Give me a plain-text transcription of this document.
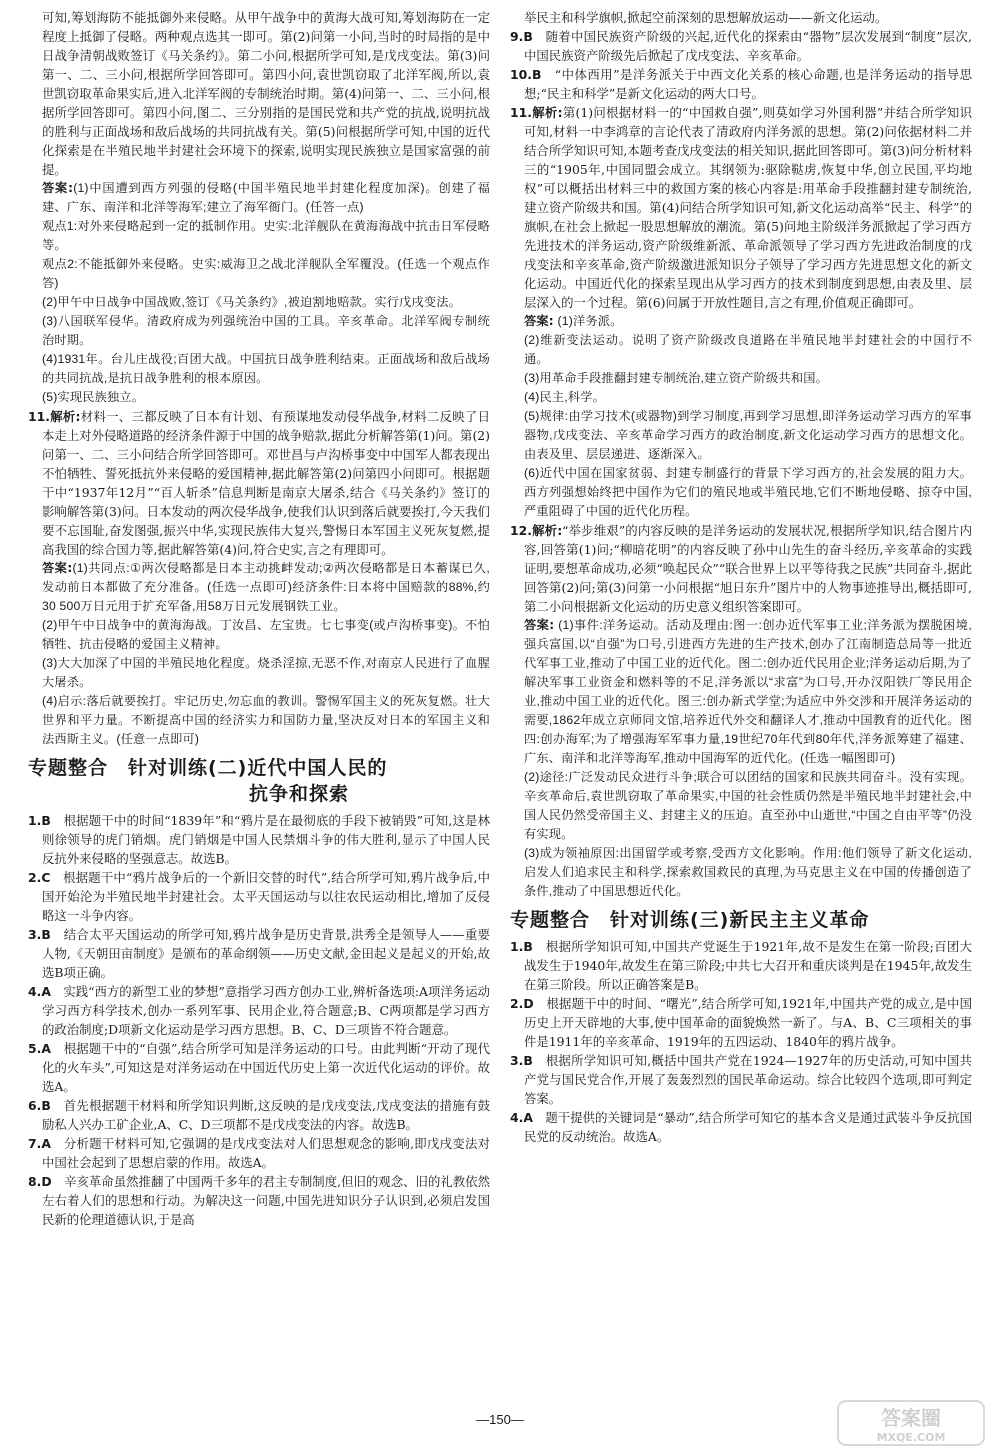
可知,筹划海防不能抵御外来侵略。从甲午战争中的黄海大战可知,筹划海防在一定程度上抵御了侵略。两种观点选其一即可。第(2)问第一小问,当时的时局指的是中日战争清朝战败签订《马关条约》。第二小问,根据所学可知,是戊戌变法。第(3)问第一、二、三小问,根据所学回答即可。第四小问,袁世凯窃取了北洋军阀,所以,袁世凯窃取革命果实后,进入北洋军阀的专制统治时期。第(4)问第一、二、三小问,根据所学回答即可。第四小问,图二、三分别指的是国民党和共产党的抗战,说明抗战的胜利与正面战场和敌后战场的共同抗战有关。第(5)问根据所学可知,中国的近代化探索是在半殖民地半封建社会环境下的探索,说明实现民族独立是国家富强的前提。

答案:(1)中国遭到西方列强的侵略(中国半殖民地半封建化程度加深)。创建了福建、广东、南洋和北洋等海军;建立了海军衙门。(任答一点)

观点1:对外来侵略起到一定的抵制作用。史实:北洋舰队在黄海海战中抗击日军侵略等。

观点2:不能抵御外来侵略。史实:威海卫之战北洋舰队全军覆没。(任选一个观点作答)

(2)甲午中日战争中国战败,签订《马关条约》,被迫割地赔款。实行戊戌变法。

(3)八国联军侵华。清政府成为列强统治中国的工具。辛亥革命。北洋军阀专制统治时期。

(4)1931年。台儿庄战役;百团大战。中国抗日战争胜利结束。正面战场和敌后战场的共同抗战,是抗日战争胜利的根本原因。

(5)实现民族独立。

11.解析:材料一、三都反映了日本有计划、有预谋地发动侵华战争,材料二反映了日本走上对外侵略道路的经济条件源于中国的战争赔款,据此分析解答第(1)问。第(2)问第一、二、三小问结合所学回答即可。邓世昌与卢沟桥事变中中国军人都表现出不怕牺牲、誓死抵抗外来侵略的爱国精神,据此解答第(2)问第四小问即可。根据题干中“1937年12月”“百人斩杀”信息判断是南京大屠杀,结合《马关条约》签订的影响解答第(3)问。日本发动的两次侵华战争,使我们认识到落后就要挨打,今天我们要不忘国耻,奋发图强,振兴中华,实现民族伟大复兴,警惕日本军国主义死灰复燃,提高我国的综合国力等,据此解答第(4)问,符合史实,言之有理即可。

答案:(1)共同点:①两次侵略都是日本主动挑衅发动;②两次侵略都是日本蓄谋已久,发动前日本都做了充分准备。(任选一点即可)经济条件:日本将中国赔款的88%,约30 500万日元用于扩充军备,用58万日元发展钢铁工业。

(2)甲午中日战争中的黄海海战。丁汝昌、左宝贵。七七事变(或卢沟桥事变)。不怕牺牲、抗击侵略的爱国主义精神。

(3)大大加深了中国的半殖民地化程度。烧杀淫掠,无恶不作,对南京人民进行了血腥大屠杀。

(4)启示:落后就要挨打。牢记历史,勿忘血的教训。警惕军国主义的死灰复燃。壮大世界和平力量。不断提高中国的经济实力和国防力量,坚决反对日本的军国主义和法西斯主义。(任意一点即可)

专题整合　针对训练(二)近代中国人民的
抗争和探索

1.B　 根据题干中的时间“1839年”和“鸦片是在最彻底的手段下被销毁”可知,这是林则徐领导的虎门销烟。虎门销烟是中国人民禁烟斗争的伟大胜利,显示了中国人民反抗外来侵略的坚强意志。故选B。

2.C　 根据题干中“鸦片战争后的一个新旧交替的时代”,结合所学可知,鸦片战争后,中国开始沦为半殖民地半封建社会。太平天国运动与以往农民运动相比,增加了反侵略这一斗争内容。

3.B　 结合太平天国运动的所学可知,鸦片战争是历史背景,洪秀全是领导人——重要人物,《天朝田亩制度》是颁布的革命纲领——历史文献,金田起义是起义的开始,故选B项正确。

4.A　 实践“西方的新型工业的梦想”意指学习西方创办工业,辨析备选项:A项洋务运动学习西方科学技术,创办一系列军事、民用企业,符合题意;B、C两项都是学习西方的政治制度;D项新文化运动是学习西方思想。B、C、D三项皆不符合题意。

5.A　 根据题干中的“自强”,结合所学可知是洋务运动的口号。由此判断“开动了现代化的火车头”,可知这是对洋务运动在中国近代历史上第一次近代化运动的评价。故选A。

6.B　 首先根据题干材料和所学知识判断,这反映的是戊戌变法,戊戌变法的措施有鼓励私人兴办工矿企业,A、C、D三项都不是戊戌变法的内容。故选B。

7.A　 分析题干材料可知,它强调的是戊戌变法对人们思想观念的影响,即戊戌变法对中国社会起到了思想启蒙的作用。故选A。

8.D　 辛亥革命虽然推翻了中国两千多年的君主专制制度,但旧的观念、旧的礼教依然左右着人们的思想和行动。为解决这一问题,中国先进知识分子认识到,必须启发国民新的伦理道德认识,于是高

举民主和科学旗帜,掀起空前深刻的思想解放运动——新文化运动。

9.B　 随着中国民族资产阶级的兴起,近代化的探索由“器物”层次发展到“制度”层次,中国民族资产阶级先后掀起了戊戌变法、辛亥革命。

10.B　 “中体西用”是洋务派关于中西文化关系的核心命题,也是洋务运动的指导思想;“民主和科学”是新文化运动的两大口号。

11.解析:第(1)问根据材料一的“中国救自强”,则莫如学习外国利器”并结合所学知识可知,材料一中李鸿章的言论代表了清政府内洋务派的思想。第(2)问依据材料二并结合所学知识可知,本题考查戊戌变法的相关知识,据此回答即可。第(3)问分析材料三的“1905年,中国同盟会成立。其纲领为:驱除鞑虏,恢复中华,创立民国,平均地权”可以概括出材料三中的救国方案的核心内容是:用革命手段推翻封建专制统治,建立资产阶级共和国。第(4)问结合所学知识可知,新文化运动高举“民主、科学”的旗帜,在社会上掀起一股思想解放的潮流。第(5)问地主阶级洋务派掀起了学习西方先进技术的洋务运动,资产阶级维新派、革命派领导了学习西方先进政治制度的戊戌变法和辛亥革命,资产阶级激进派知识分子领导了学习西方先进思想文化的新文化运动。中国近代化的探索呈现出从学习西方的技术到制度到思想,由表及里、层层深入的一个过程。第(6)问属于开放性题目,言之有理,价值观正确即可。

答案: (1)洋务派。

(2)维新变法运动。说明了资产阶级改良道路在半殖民地半封建社会的中国行不通。

(3)用革命手段推翻封建专制统治,建立资产阶级共和国。

(4)民主,科学。

(5)规律:由学习技术(或器物)到学习制度,再到学习思想,即洋务运动学习西方的军事器物,戊戌变法、辛亥革命学习西方的政治制度,新文化运动学习西方的思想文化。由表及里、层层递进、逐渐深入。

(6)近代中国在国家贫弱、封建专制盛行的背景下学习西方的,社会发展的阻力大。西方列强想始终把中国作为它们的殖民地或半殖民地,它们不断地侵略、掠夺中国,严重阻碍了中国的近代化历程。

12.解析:“举步维艰”的内容反映的是洋务运动的发展状况,根据所学知识,结合图片内容,回答第(1)问;“柳暗花明”的内容反映了孙中山先生的奋斗经历,辛亥革命的实践证明,要想革命成功,必须“唤起民众”“联合世界上以平等待我之民族”共同奋斗,据此回答第(2)问;第(3)问第一小问根据“旭日东升”图片中的人物事迹推导出,概括即可,第二小问根据新文化运动的历史意义组织答案即可。

答案: (1)事件:洋务运动。活动及理由:图一:创办近代军事工业;洋务派为摆脱困境,强兵富国,以“自强”为口号,引进西方先进的生产技术,创办了江南制造总局等一批近代军事工业,推动了中国工业的近代化。图二:创办近代民用企业;洋务运动后期,为了解决军事工业资金和燃料等的不足,洋务派以“求富”为口号,开办汉阳铁厂等民用企业,推动中国工业的近代化。图三:创办新式学堂;为适应中外交涉和开展洋务运动的需要,1862年成立京师同文馆,培养近代外交和翻译人才,推动中国教育的近代化。图四:创办海军;为了增强海军军事力量,19世纪70年代到80年代,洋务派筹建了福建、广东、南洋和北洋等海军,推动中国海军的近代化。(任选一幅图即可)

(2)途径:广泛发动民众进行斗争;联合可以团结的国家和民族共同奋斗。没有实现。辛亥革命后,袁世凯窃取了革命果实,中国的社会性质仍然是半殖民地半封建社会,中国人民仍然受帝国主义、封建主义的压迫。直至孙中山逝世,“中国之自由平等”仍没有实现。

(3)成为领袖原因:出国留学或考察,受西方文化影响。作用:他们领导了新文化运动,启发人们追求民主和科学,探索救国救民的真理,为马克思主义在中国的传播创造了条件,推动了中国思想近代化。

专题整合　针对训练(三)新民主主义革命

1.B　 根据所学知识可知,中国共产党诞生于1921年,故不是发生在第一阶段;百团大战发生于1940年,故发生在第三阶段;中共七大召开和重庆谈判是在1945年,故发生在第三阶段。所以正确答案是B。

2.D　 根据题干中的时间、“曙光”,结合所学可知,1921年,中国共产党的成立,是中国历史上开天辟地的大事,使中国革命的面貌焕然一新了。与A、B、C三项相关的事件是1911年的辛亥革命、1919年的五四运动、1840年的鸦片战争。

3.B　 根据所学知识可知,概括中国共产党在1924—1927年的历史活动,可知中国共产党与国民党合作,开展了轰轰烈烈的国民革命运动。综合比较四个选项,即可判定答案。

4.A　 题干提供的关键词是“暴动”,结合所学可知它的基本含义是通过武装斗争反抗国民党的反动统治。故选A。

—150—	答案圈
MXQE.COM
